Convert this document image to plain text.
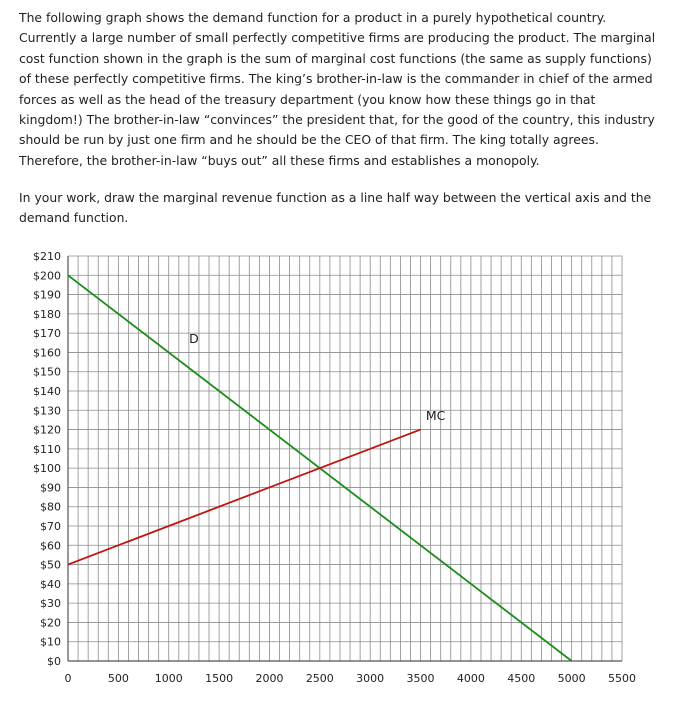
The following graph shows the demand function for a product in a purely hypothetical country. Currently a large number of small perfectly competitive firms are producing the product. The marginal cost function shown in the graph is the sum of marginal cost functions (the same as supply functions) of these perfectly competitive firms. The king’s brother-in-law is the commander in chief of the armed forces as well as the head of the treasury department (you know how these things go in that kingdom!) The brother-in-law “convinces” the president that, for the good of the country, this industry should be run by just one firm and he should be the CEO of that firm. The king totally agrees. Therefore, the brother-in-law “buys out” all these firms and establishes a monopoly.

In your work, draw the marginal revenue function as a line half way between the vertical axis and the demand function.

$0
$10
$20
$30
$40
$50
$60
$70
$80
$90
$100
$110
$120
$130
$140
$150
$160
$170
$180
$190
$200
$210
0	500 1000 1500 2000 2500 3000 3500 4000 4500 5000 5500
D
MC
